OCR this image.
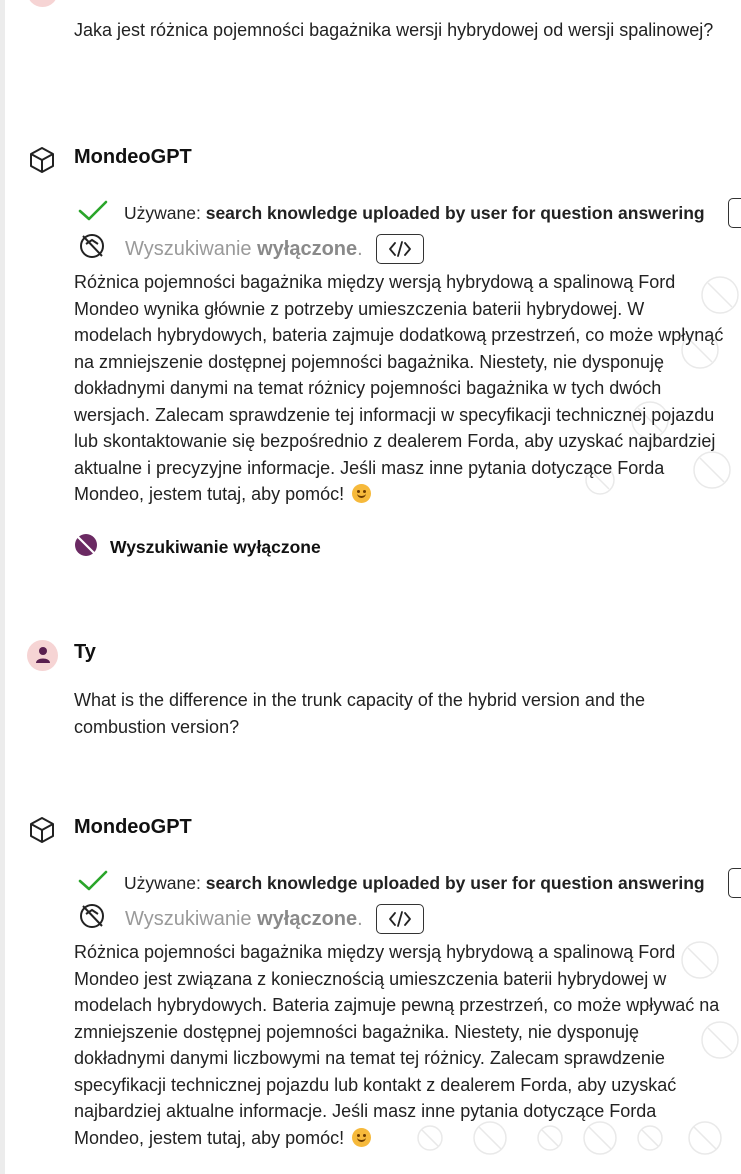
Jaka jest różnica pojemności bagażnika wersji hybrydowej od wersji spalinowej?
MondeoGPT
Używane: search knowledge uploaded by user for question answering
Wyszukiwanie wyłączone.
Różnica pojemności bagażnika między wersją hybrydową a spalinową Ford Mondeo wynika głównie z potrzeby umieszczenia baterii hybrydowej. W modelach hybrydowych, bateria zajmuje dodatkową przestrzeń, co może wpłynąć na zmniejszenie dostępnej pojemności bagażnika. Niestety, nie dysponuję dokładnymi danymi na temat różnicy pojemności bagażnika w tych dwóch wersjach. Zalecam sprawdzenie tej informacji w specyfikacji technicznej pojazdu lub skontaktowanie się bezpośrednio z dealerem Forda, aby uzyskać najbardziej aktualne i precyzyjne informacje. Jeśli masz inne pytania dotyczące Forda Mondeo, jestem tutaj, aby pomóc!
Wyszukiwanie wyłączone
Ty
What is the difference in the trunk capacity of the hybrid version and the combustion version?
MondeoGPT
Używane: search knowledge uploaded by user for question answering
Wyszukiwanie wyłączone.
Różnica pojemności bagażnika między wersją hybrydową a spalinową Ford Mondeo jest związana z koniecznością umieszczenia baterii hybrydowej w modelach hybrydowych. Bateria zajmuje pewną przestrzeń, co może wpływać na zmniejszenie dostępnej pojemności bagażnika. Niestety, nie dysponuję dokładnymi danymi liczbowymi na temat tej różnicy. Zalecam sprawdzenie specyfikacji technicznej pojazdu lub kontakt z dealerem Forda, aby uzyskać najbardziej aktualne informacje. Jeśli masz inne pytania dotyczące Forda Mondeo, jestem tutaj, aby pomóc!
